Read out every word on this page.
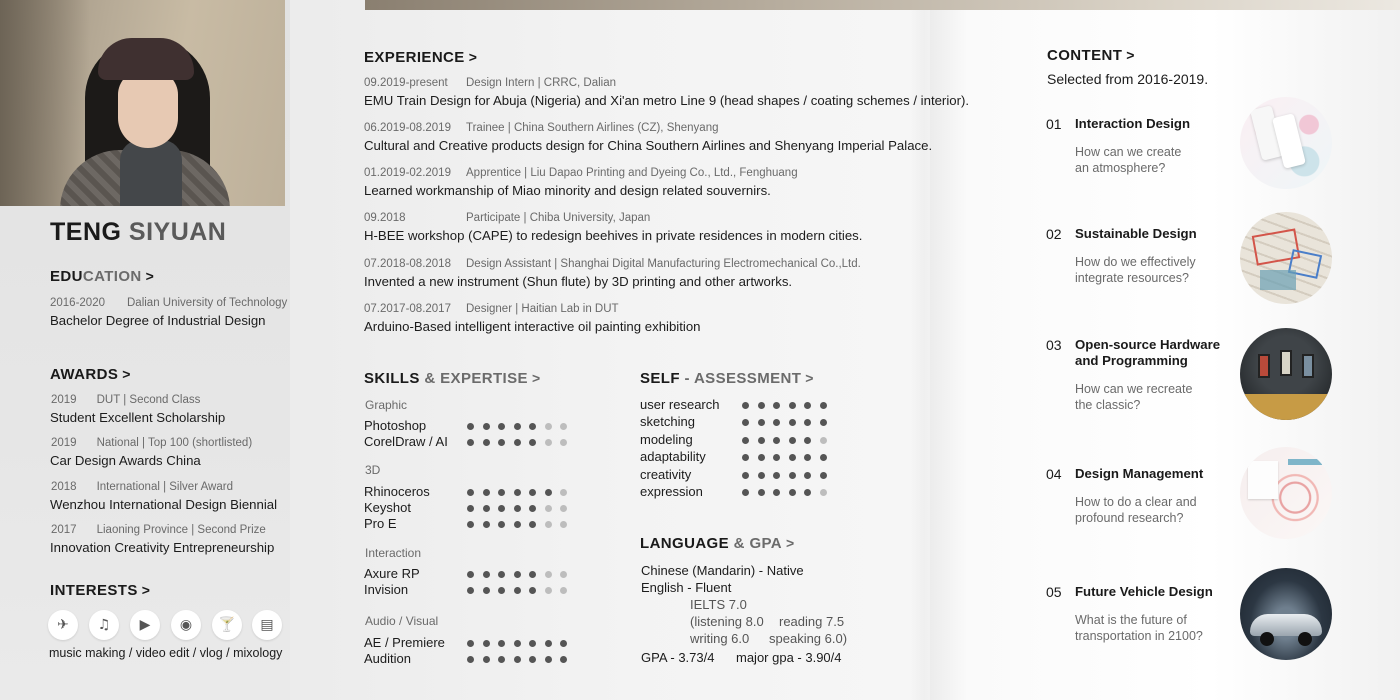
TENG SIYUAN
EDUCATION >
2016-2020 Dalian University of Technology
Bachelor Degree of Industrial Design
AWARDS >
INTERESTS >
✈ ♫ ▶ ◉ 🍸 ▤
music making / video edit / vlog / mixology
EXPERIENCE >
SKILLS & EXPERTISE >	SELF - ASSESSMENT >
LANGUAGE & GPA >
Chinese (Mandarin) - Native
English - Fluent
IELTS 7.0
(listening 8.0 reading 7.5
writing 6.0 speaking 6.0)
GPA - 3.73/4 major gpa - 3.90/4
CONTENT >
Selected from 2016-2019.
2019 DUT | Second Class
Student Excellent Scholarship
2019 National | Top 100 (shortlisted)
Car Design Awards China
2018 International | Silver Award
Wenzhou International Design Biennial
2017 Liaoning Province | Second Prize
Innovation Creativity Entrepreneurship
09.2019-present Design Intern | CRRC, Dalian
EMU Train Design for Abuja (Nigeria) and Xi'an metro Line 9 (head shapes / coating schemes / interior).
06.2019-08.2019 Trainee | China Southern Airlines (CZ), Shenyang
Cultural and Creative products design for China Southern Airlines and Shenyang Imperial Palace.
01.2019-02.2019 Apprentice | Liu Dapao Printing and Dyeing Co., Ltd., Fenghuang
Learned workmanship of Miao minority and design related souvernirs.
09.2018	Participate | Chiba University, Japan
H-BEE workshop (CAPE) to redesign beehives in private residences in modern cities.
07.2018-08.2018 Design Assistant | Shanghai Digital Manufacturing Electromechanical Co.,Ltd.
Invented a new instrument (Shun flute) by 3D printing and other artworks.
07.2017-08.2017 Designer | Haitian Lab in DUT
Arduino-Based intelligent interactive oil painting exhibition
Graphic
Photoshop
CorelDraw / AI
3D
Rhinoceros
Keyshot
Pro E
Interaction
Axure RP
Invision
Audio / Visual
AE / Premiere
Audition
user research
sketching
modeling
adaptability
creativity
expression
01 Interaction Design
How can we create
an atmosphere?
02 Sustainable Design
How do we effectively
integrate resources?
03 Open-source Hardware
and Programming
How can we recreate
the classic?
04 Design Management
How to do a clear and
profound research?
05 Future Vehicle Design
What is the future of
transportation in 2100?
